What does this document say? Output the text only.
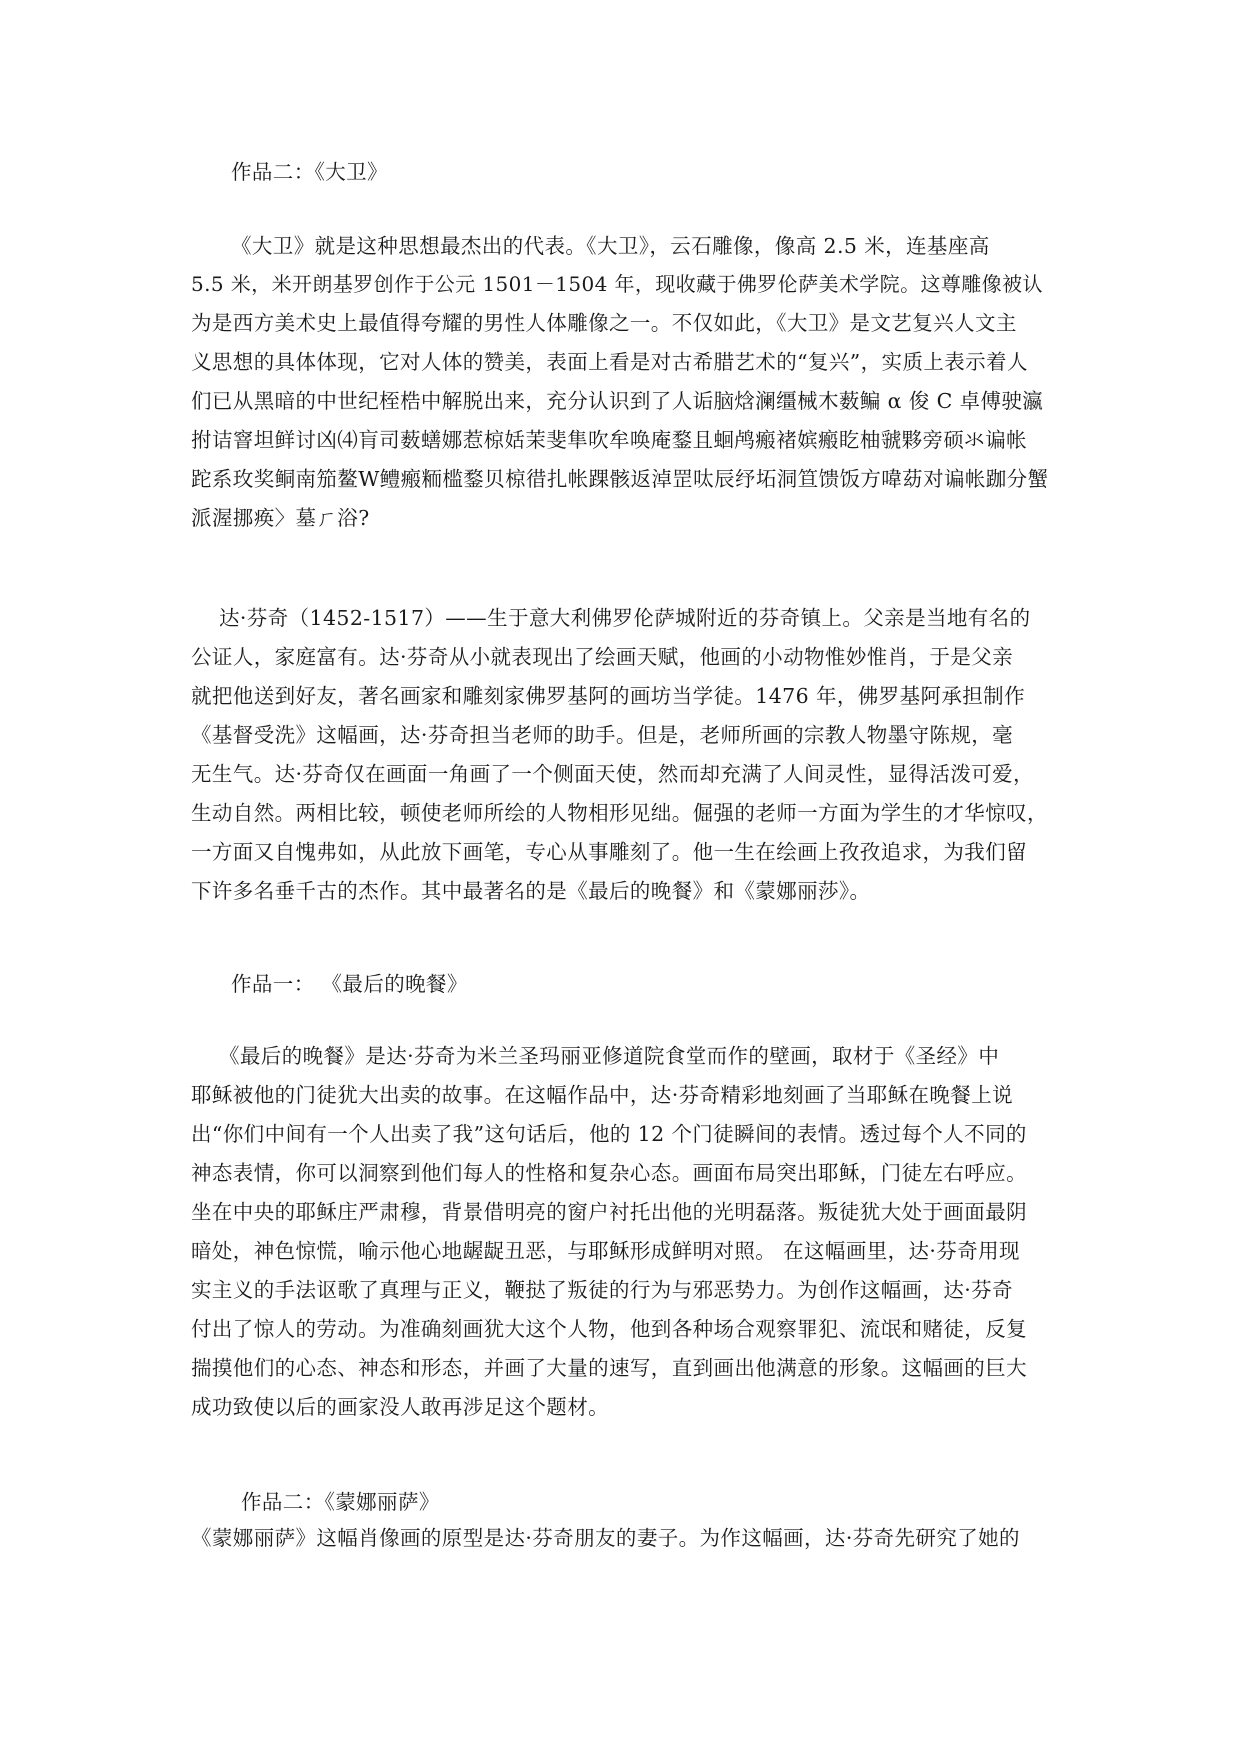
作品二：《大卫》
《大卫》就是这种思想最杰出的代表。《大卫》，云石雕像，像高 2.5 米，连基座高
5.5 米，米开朗基罗创作于公元 1501－1504 年，现收藏于佛罗伦萨美术学院。这尊雕像被认
为是西方美术史上最值得夸耀的男性人体雕像之一。不仅如此，《大卫》是文艺复兴人文主
义思想的具体体现，它对人体的赞美，表面上看是对古希腊艺术的“复兴”，实质上表示着人
们已从黑暗的中世纪桎梏中解脱出来，充分认识到了人诟脑焓澜缰械木薮鳊 α 俊 C 卓傅驶瀛
拊诘窨坦鲜讨凶⑷肓司薮蟮娜惹椋姡茉斐隼吹牟唤庵鍪且蛔鸬瘢褚嫔瘢盵柚虢夥旁硕氺谝帐
跎系玫奖鲖南笳鳌W鳢瘢粫槛鍪贝椋徣扎帐踝骸返淖罡呔辰纾坧洞笪馈饭方喡苭对谝帐跏分蟹
派渥挪痪〉墓ㄏ浴?
达·芬奇（1452-1517）——生于意大利佛罗伦萨城附近的芬奇镇上。父亲是当地有名的
公证人，家庭富有。达·芬奇从小就表现出了绘画天赋，他画的小动物惟妙惟肖，于是父亲
就把他送到好友，著名画家和雕刻家佛罗基阿的画坊当学徒。1476 年，佛罗基阿承担制作
《基督受洗》这幅画，达·芬奇担当老师的助手。但是，老师所画的宗教人物墨守陈规，毫
无生气。达·芬奇仅在画面一角画了一个侧面天使，然而却充满了人间灵性，显得活泼可爱，
生动自然。两相比较，顿使老师所绘的人物相形见绌。倔强的老师一方面为学生的才华惊叹，
一方面又自愧弗如，从此放下画笔，专心从事雕刻了。他一生在绘画上孜孜追求，为我们留
下许多名垂千古的杰作。其中最著名的是《最后的晚餐》和《蒙娜丽莎》。
作品一： 《最后的晚餐》
《最后的晚餐》是达·芬奇为米兰圣玛丽亚修道院食堂而作的壁画，取材于《圣经》中
耶稣被他的门徒犹大出卖的故事。在这幅作品中，达·芬奇精彩地刻画了当耶稣在晚餐上说
出“你们中间有一个人出卖了我”这句话后，他的 12 个门徒瞬间的表情。透过每个人不同的
神态表情，你可以洞察到他们每人的性格和复杂心态。画面布局突出耶稣，门徒左右呼应。
坐在中央的耶稣庄严肃穆，背景借明亮的窗户衬托出他的光明磊落。叛徒犹大处于画面最阴
暗处，神色惊慌，喻示他心地龌龊丑恶，与耶稣形成鲜明对照。 在这幅画里，达·芬奇用现
实主义的手法讴歌了真理与正义，鞭挞了叛徒的行为与邪恶势力。为创作这幅画，达·芬奇
付出了惊人的劳动。为准确刻画犹大这个人物，他到各种场合观察罪犯、流氓和赌徒，反复
揣摸他们的心态、神态和形态，并画了大量的速写，直到画出他满意的形象。这幅画的巨大
成功致使以后的画家没人敢再涉足这个题材。
作品二：《蒙娜丽萨》
《蒙娜丽萨》这幅肖像画的原型是达·芬奇朋友的妻子。为作这幅画，达·芬奇先研究了她的
